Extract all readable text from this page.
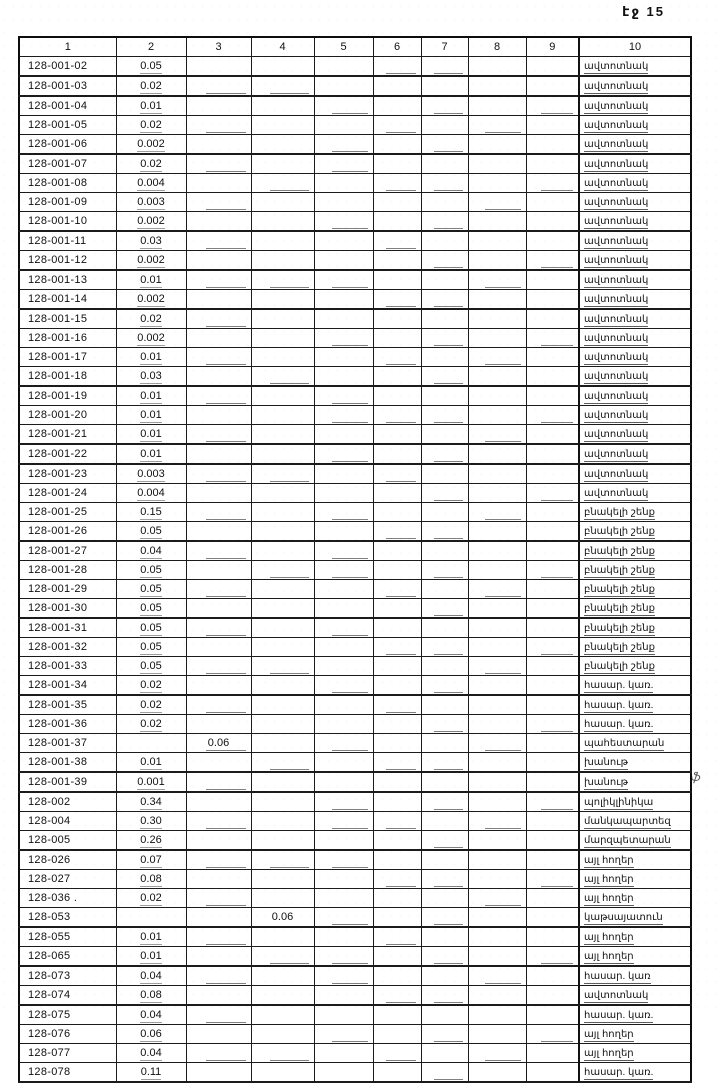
էջ 15
ֆ
1	2	3	4	5	6	7	8	9	10
128-001-02	0.05								ավտոտնակ
128-001-03	0.02								ավտոտնակ
128-001-04	0.01								ավտոտնակ
128-001-05	0.02								ավտոտնակ
128-001-06	0.002								ավտոտնակ
128-001-07	0.02								ավտոտնակ
128-001-08	0.004								ավտոտնակ
128-001-09	0.003								ավտոտնակ
128-001-10	0.002								ավտոտնակ
128-001-11	0.03								ավտոտնակ
128-001-12	0.002								ավտոտնակ
128-001-13	0.01								ավտոտնակ
128-001-14	0.002								ավտոտնակ
128-001-15	0.02								ավտոտնակ
128-001-16	0.002								ավտոտնակ
128-001-17	0.01								ավտոտնակ
128-001-18	0.03								ավտոտնակ
128-001-19	0.01								ավտոտնակ
128-001-20	0.01								ավտոտնակ
128-001-21	0.01								ավտոտնակ
128-001-22	0.01								ավտոտնակ
128-001-23	0.003								ավտոտնակ
128-001-24	0.004								ավտոտնակ
128-001-25	0.15								բնակելի շենք
128-001-26	0.05								բնակելի շենք
128-001-27	0.04								բնակելի շենք
128-001-28	0.05								բնակելի շենք
128-001-29	0.05								բնակելի շենք
128-001-30	0.05								բնակելի շենք
128-001-31	0.05								բնակելի շենք
128-001-32	0.05								բնակելի շենք
128-001-33	0.05								բնակելի շենք
128-001-34	0.02								հասար. կառ.
128-001-35	0.02								հասար. կառ.
128-001-36	0.02								հասար. կառ.
128-001-37		0.06							պահեստարան
128-001-38	0.01								խանութ
128-001-39	0.001								խանութ
128-002	0.34								պոլիկլինիկա
128-004	0.30								մանկապարտեզ
128-005	0.26								մարզպետարան
128-026	0.07								այլ հողեր
128-027	0.08								այլ հողեր
128-036 .	0.02								այլ հողեր
128-053			0.06						կաթսայատուն
128-055	0.01								այլ հողեր
128-065	0.01								այլ հողեր
128-073	0.04								հասար. կառ
128-074	0.08								ավտոտնակ
128-075	0.04								հասար. կառ.
128-076	0.06								այլ հողեր
128-077	0.04								այլ հողեր
128-078	0.11								հասար. կառ.
